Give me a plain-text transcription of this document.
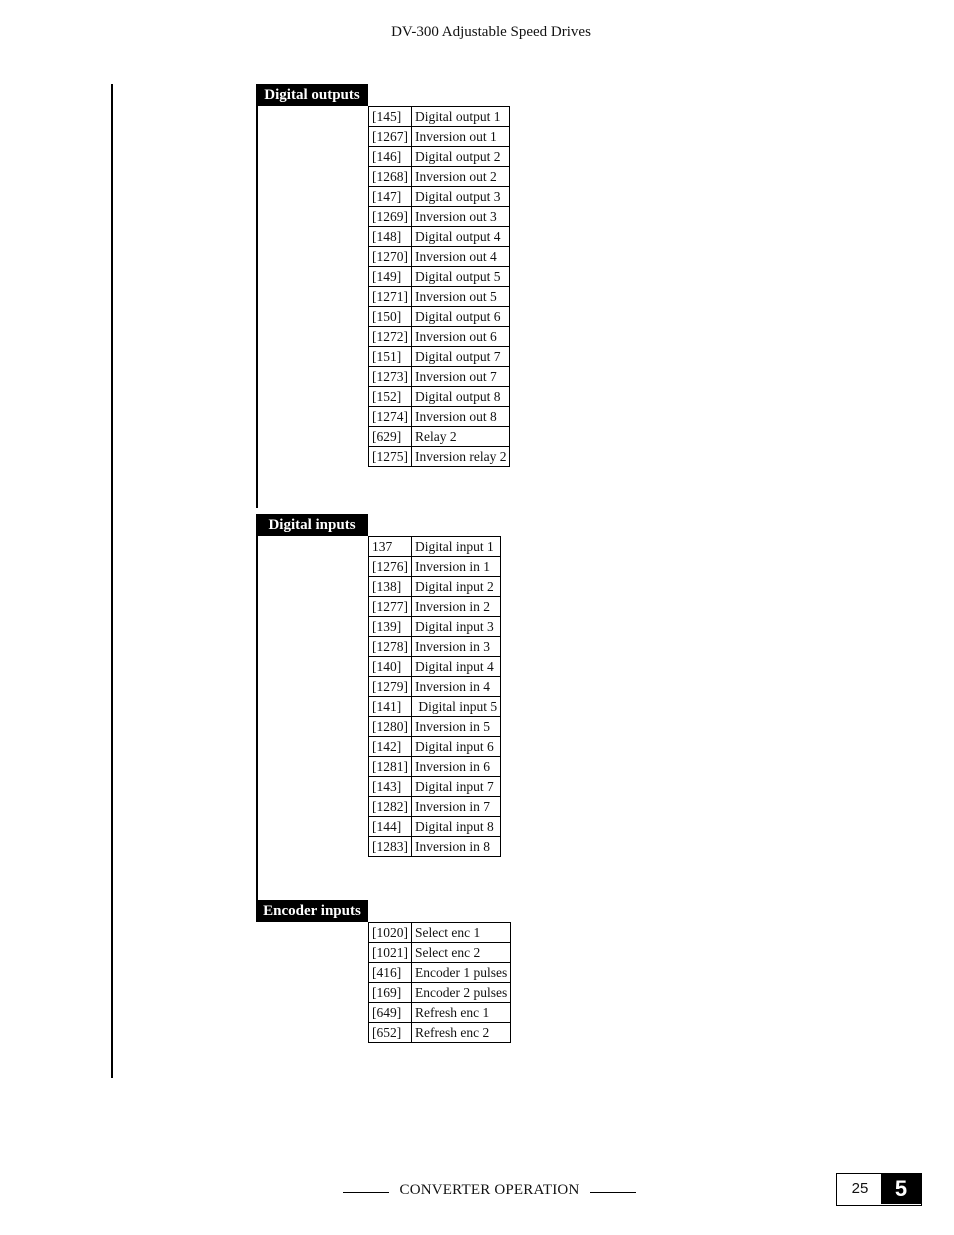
DV-300 Adjustable Speed Drives
Digital outputs
[145]	Digital output 1
[1267]	Inversion out 1
[146]	Digital output 2
[1268]	Inversion out 2
[147]	Digital output 3
[1269]	Inversion out 3
[148]	Digital output 4
[1270]	Inversion out 4
[149]	Digital output 5
[1271]	Inversion out 5
[150]	Digital output 6
[1272]	Inversion out 6
[151]	Digital output 7
[1273]	Inversion out 7
[152]	Digital output 8
[1274]	Inversion out 8
[629]	Relay 2
[1275]	Inversion relay 2
Digital inputs
137	Digital input 1
[1276]	Inversion in 1
[138]	Digital input 2
[1277]	Inversion in 2
[139]	Digital input 3
[1278]	Inversion in 3
[140]	Digital input 4
[1279]	Inversion in 4
[141]	Digital input 5
[1280]	Inversion in 5
[142]	Digital input 6
[1281]	Inversion in 6
[143]	Digital input 7
[1282]	Inversion in 7
[144]	Digital input 8
[1283]	Inversion in 8
Encoder inputs
[1020]	Select enc 1
[1021]	Select enc 2
[416]	Encoder 1 pulses
[169]	Encoder 2 pulses
[649]	Refresh enc 1
[652]	Refresh enc 2
CONVERTER OPERATION	25	5
